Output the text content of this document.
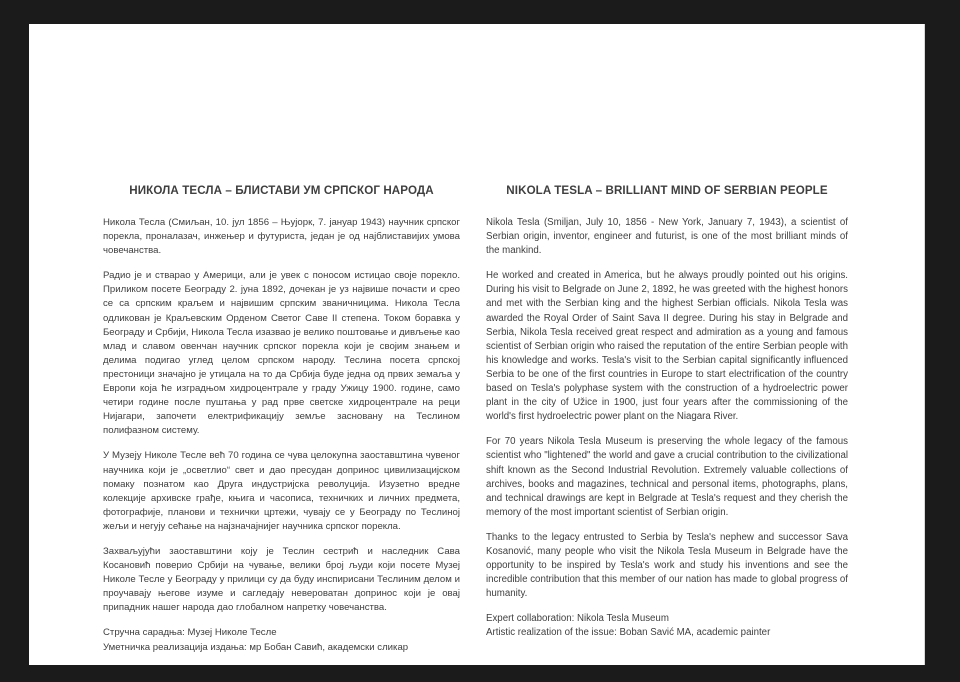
НИКОЛА ТЕСЛА – БЛИСТАВИ УМ СРПСКОГ НАРОДА

Никола Тесла (Смиљан, 10. јул 1856 – Њујорк, 7. јануар 1943) научник српског порекла, проналазач, инжењер и футуриста, један је од најблиставијих умова човечанства.

Радио је и стварао у Америци, али је увек с поносом истицао своје порекло. Приликом посете Београду 2. јуна 1892, дочекан је уз највише почасти и срео се са српским краљем и највишим српским званичницима. Никола Тесла одликован је Краљевским Орденом Светог Саве II степена. Током боравка у Београду и Србији, Никола Тесла изазвао је велико поштовање и дивљење као млад и славом овенчан научник српског порекла који је својим знањем и делима подигао углед целом српском народу. Теслина посета српској престоници значајно је утицала на то да Србија буде једна од првих земаља у Европи која ће изградњом хидроцентрале у граду Ужицу 1900. године, само четири године после пуштања у рад прве светске хидроцентрале на реци Нијагари, започети електрификацију земље засновану на Теслином полифазном систему.

У Музеју Николе Тесле већ 70 година се чува целокупна заоставштина чувеног научника који је „осветлио“ свет и дао пресудан допринос цивилизацијском помаку познатом као Друга индустријска револуција. Изузетно вредне колекције архивске грађе, књига и часописа, техничких и личних предмета, фотографије, планови и технички цртежи, чувају се у Београду по Теслиној жељи и негују сећање на најзначајнијег научника српског порекла.

Захваљујући заоставштини коју је Теслин сестрић и наследник Сава Косановић поверио Србији на чување, велики број људи који посете Музеј Николе Тесле у Београду у прилици су да буду инспирисани Теслиним делом и проучавају његове изуме и сагледају невероватан допринос који је овај припадник нашег народа дао глобалном напретку човечанства.

Стручна сарадња: Музеј Николе Тесле

Уметничка реализација издања: мр Бобан Савић, академски сликар

NIKOLA TESLA – BRILLIANT MIND OF SERBIAN PEOPLE

Nikola Tesla (Smiljan, July 10, 1856 - New York, January 7, 1943), a scientist of Serbian origin, inventor, engineer and futurist, is one of the most brilliant minds of the mankind.

He worked and created in America, but he always proudly pointed out his origins. During his visit to Belgrade on June 2, 1892, he was greeted with the highest honors and met with the Serbian king and the highest Serbian officials. Nikola Tesla was awarded the Royal Order of Saint Sava II degree. During his stay in Belgrade and Serbia, Nikola Tesla received great respect and admiration as a young and famous scientist of Serbian origin who raised the reputation of the entire Serbian people with his knowledge and works. Tesla's visit to the Serbian capital significantly influenced Serbia to be one of the first countries in Europe to start electrification of the country based on Tesla's polyphase system with the construction of a hydroelectric power plant in the city of Užice in 1900, just four years after the commissioning of the world's first hydroelectric power plant on the Niagara River.

For 70 years Nikola Tesla Museum is preserving the whole legacy of the famous scientist who "lightened" the world and gave a crucial contribution to the civilizational shift known as the Second Industrial Revolution. Extremely valuable collections of archives, books and magazines, technical and personal items, photographs, plans, and technical drawings are kept in Belgrade at Tesla's request and they cherish the memory of the most important scientist of Serbian origin.

Thanks to the legacy entrusted to Serbia by Tesla's nephew and successor Sava Kosanović, many people who visit the Nikola Tesla Museum in Belgrade have the opportunity to be inspired by Tesla's work and study his inventions and see the incredible contribution that this member of our nation has made to global progress of humanity.

Expert collaboration: Nikola Tesla Museum

Artistic realization of the issue: Boban Savić MA, academic painter
